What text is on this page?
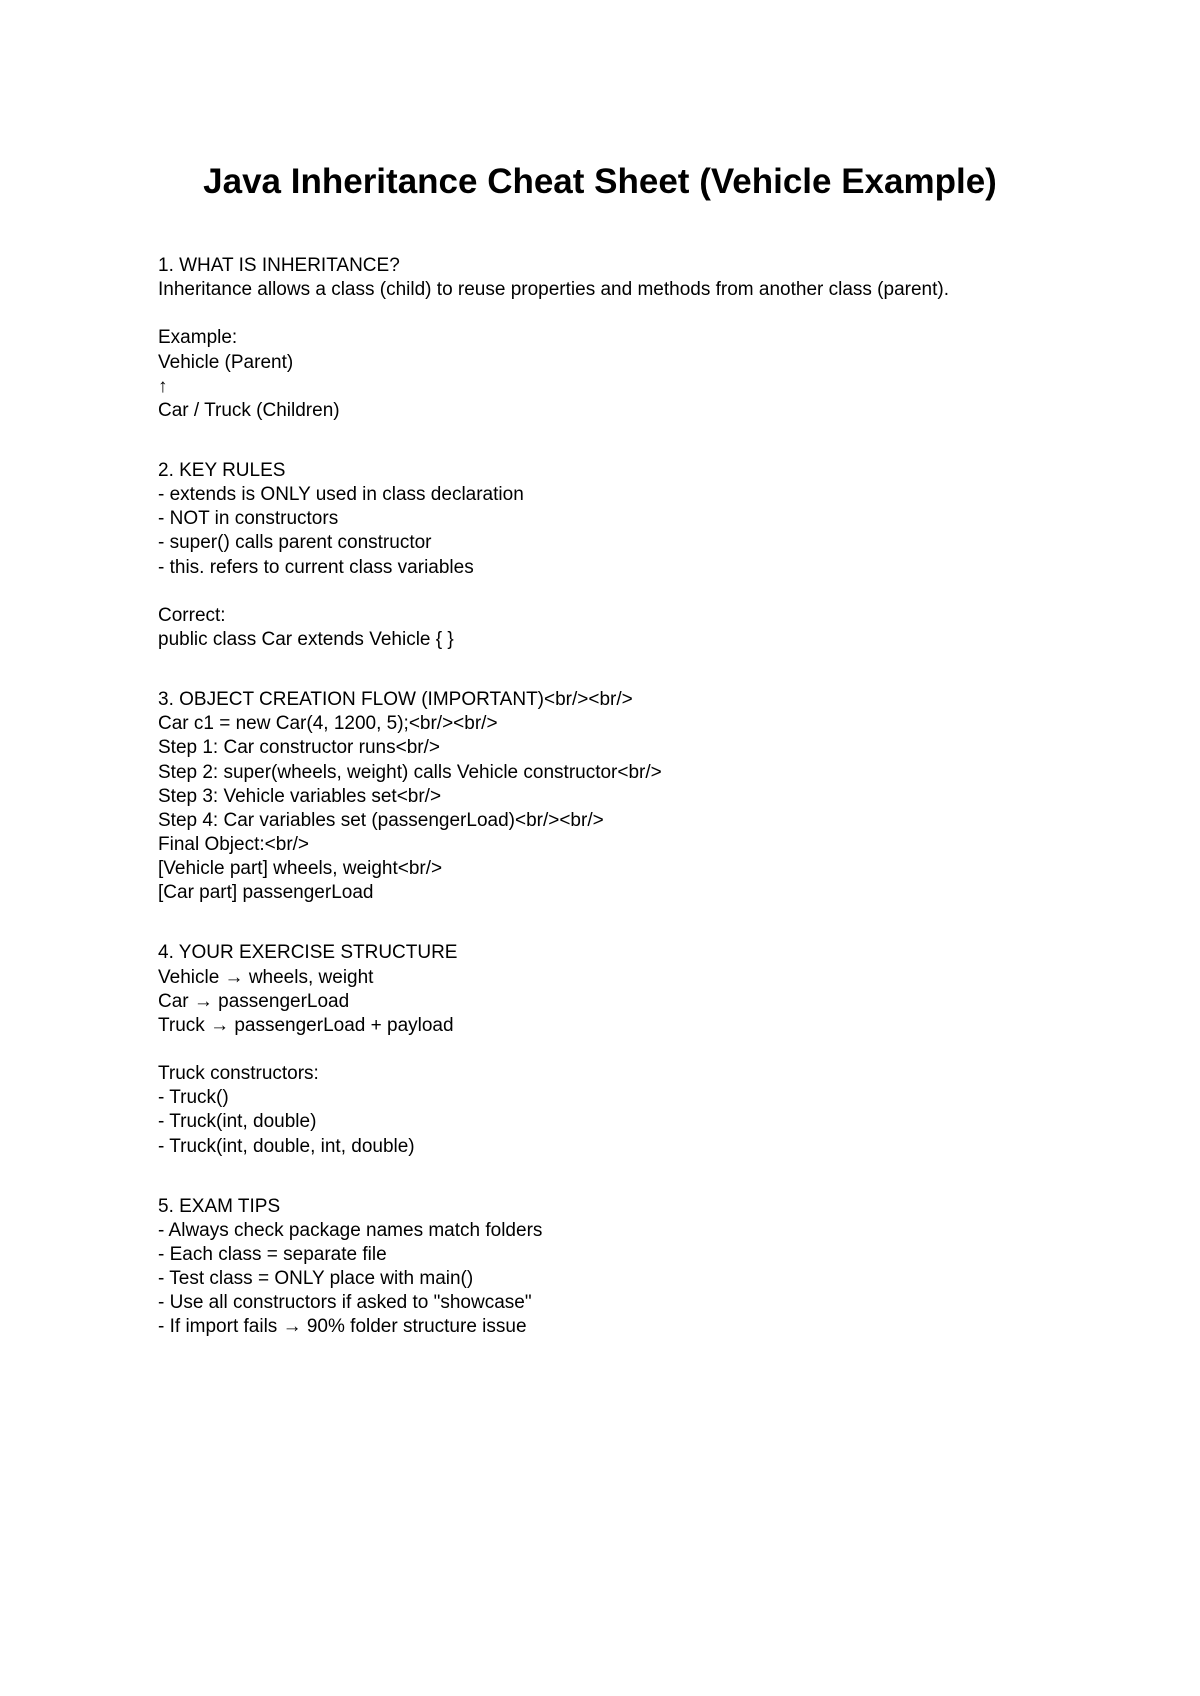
Java Inheritance Cheat Sheet (Vehicle Example)
1. WHAT IS INHERITANCE?
Inheritance allows a class (child) to reuse properties and methods from another class (parent).
Example:
Vehicle (Parent)
↑
Car / Truck (Children)
2. KEY RULES
- extends is ONLY used in class declaration
- NOT in constructors
- super() calls parent constructor
- this. refers to current class variables
Correct:
public class Car extends Vehicle { }
3. OBJECT CREATION FLOW (IMPORTANT)<br/><br/>
Car c1 = new Car(4, 1200, 5);<br/><br/>
Step 1: Car constructor runs<br/>
Step 2: super(wheels, weight) calls Vehicle constructor<br/>
Step 3: Vehicle variables set<br/>
Step 4: Car variables set (passengerLoad)<br/><br/>
Final Object:<br/>
[Vehicle part] wheels, weight<br/>
[Car part] passengerLoad
4. YOUR EXERCISE STRUCTURE
Vehicle → wheels, weight
Car → passengerLoad
Truck → passengerLoad + payload
Truck constructors:
- Truck()
- Truck(int, double)
- Truck(int, double, int, double)
5. EXAM TIPS
- Always check package names match folders
- Each class = separate file
- Test class = ONLY place with main()
- Use all constructors if asked to "showcase"
- If import fails → 90% folder structure issue
